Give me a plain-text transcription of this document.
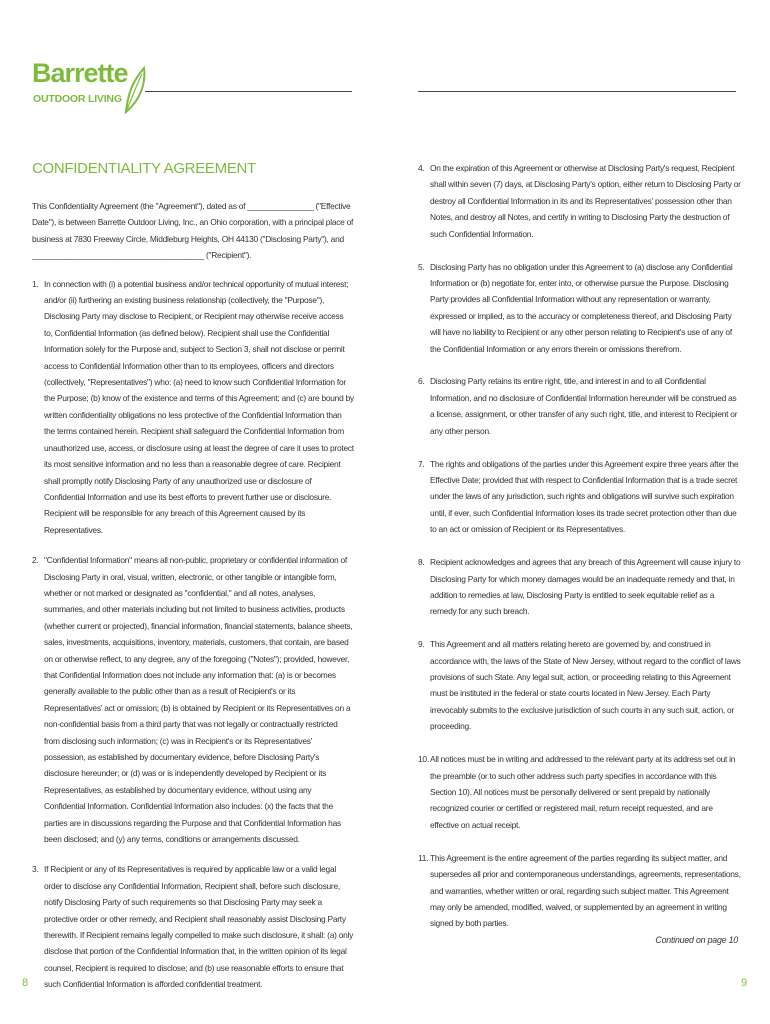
Barrette
OUTDOOR LIVING
CONFIDENTIALITY AGREEMENT

This Confidentiality Agreement (the "Agreement"), dated as of _______________ ("Effective Date"), is between Barrette Outdoor Living, Inc., an Ohio corporation, with a principal place of business at 7830 Freeway Circle, Middleburg Heights, OH 44130 ("Disclosing Party"), and _______________________________________ ("Recipient").

1. In connection with (i) a potential business and/or technical opportunity of mutual interest; and/or (ii) furthering an existing business relationship (collectively, the "Purpose"), Disclosing Party may disclose to Recipient, or Recipient may otherwise receive access to, Confidential Information (as defined below). Recipient shall use the Confidential Information solely for the Purpose and, subject to Section 3, shall not disclose or permit access to Confidential Information other than to its employees, officers and directors (collectively, "Representatives") who: (a) need to know such Confidential Information for the Purpose; (b) know of the existence and terms of this Agreement; and (c) are bound by written confidentiality obligations no less protective of the Confidential Information than the terms contained herein. Recipient shall safeguard the Confidential Information from unauthorized use, access, or disclosure using at least the degree of care it uses to protect its most sensitive information and no less than a reasonable degree of care. Recipient shall promptly notify Disclosing Party of any unauthorized use or disclosure of Confidential Information and use its best efforts to prevent further use or disclosure. Recipient will be responsible for any breach of this Agreement caused by its Representatives.
2. "Confidential Information" means all non-public, proprietary or confidential information of Disclosing Party in oral, visual, written, electronic, or other tangible or intangible form, whether or not marked or designated as "confidential," and all notes, analyses, summaries, and other materials including but not limited to business activities, products (whether current or projected), financial information, financial statements, balance sheets, sales, investments, acquisitions, inventory, materials, customers, that contain, are based on or otherwise reflect, to any degree, any of the foregoing ("Notes"); provided, however, that Confidential Information does not include any information that: (a) is or becomes generally available to the public other than as a result of Recipient's or its Representatives' act or omission; (b) is obtained by Recipient or its Representatives on a non-confidential basis from a third party that was not legally or contractually restricted from disclosing such information; (c) was in Recipient's or its Representatives' possession, as established by documentary evidence, before Disclosing Party's disclosure hereunder; or (d) was or is independently developed by Recipient or its Representatives, as established by documentary evidence, without using any Confidential Information. Confidential Information also includes: (x) the facts that the parties are in discussions regarding the Purpose and that Confidential Information has been disclosed; and (y) any terms, conditions or arrangements discussed.
3. If Recipient or any of its Representatives is required by applicable law or a valid legal order to disclose any Confidential Information, Recipient shall, before such disclosure, notify Disclosing Party of such requirements so that Disclosing Party may seek a protective order or other remedy, and Recipient shall reasonably assist Disclosing Party therewith. If Recipient remains legally compelled to make such disclosure, it shall: (a) only disclose that portion of the Confidential Information that, in the written opinion of its legal counsel, Recipient is required to disclose; and (b) use reasonable efforts to ensure that such Confidential Information is afforded confidential treatment.
4. On the expiration of this Agreement or otherwise at Disclosing Party's request, Recipient shall within seven (7) days, at Disclosing Party's option, either return to Disclosing Party or destroy all Confidential Information in its and its Representatives' possession other than Notes, and destroy all Notes, and certify in writing to Disclosing Party the destruction of such Confidential Information.
5. Disclosing Party has no obligation under this Agreement to (a) disclose any Confidential Information or (b) negotiate for, enter into, or otherwise pursue the Purpose. Disclosing Party provides all Confidential Information without any representation or warranty, expressed or implied, as to the accuracy or completeness thereof, and Disclosing Party will have no liability to Recipient or any other person relating to Recipient's use of any of the Confidential Information or any errors therein or omissions therefrom.
6. Disclosing Party retains its entire right, title, and interest in and to all Confidential Information, and no disclosure of Confidential Information hereunder will be construed as a license, assignment, or other transfer of any such right, title, and interest to Recipient or any other person.
7. The rights and obligations of the parties under this Agreement expire three years after the Effective Date; provided that with respect to Confidential Information that is a trade secret under the laws of any jurisdiction, such rights and obligations will survive such expiration until, if ever, such Confidential Information loses its trade secret protection other than due to an act or omission of Recipient or its Representatives.
8. Recipient acknowledges and agrees that any breach of this Agreement will cause injury to Disclosing Party for which money damages would be an inadequate remedy and that, in addition to remedies at law, Disclosing Party is entitled to seek equitable relief as a remedy for any such breach.
9. This Agreement and all matters relating hereto are governed by, and construed in accordance with, the laws of the State of New Jersey, without regard to the conflict of laws provisions of such State. Any legal suit, action, or proceeding relating to this Agreement must be instituted in the federal or state courts located in New Jersey. Each Party irrevocably submits to the exclusive jurisdiction of such courts in any such suit, action, or proceeding.
10. All notices must be in writing and addressed to the relevant party at its address set out in the preamble (or to such other address such party specifies in accordance with this Section 10). All notices must be personally delivered or sent prepaid by nationally recognized courier or certified or registered mail, return receipt requested, and are effective on actual receipt.
11. This Agreement is the entire agreement of the parties regarding its subject matter, and supersedes all prior and contemporaneous understandings, agreements, representations, and warranties, whether written or oral, regarding such subject matter. This Agreement may only be amended, modified, waived, or supplemented by an agreement in writing signed by both parties.
Continued on page 10
8	9
